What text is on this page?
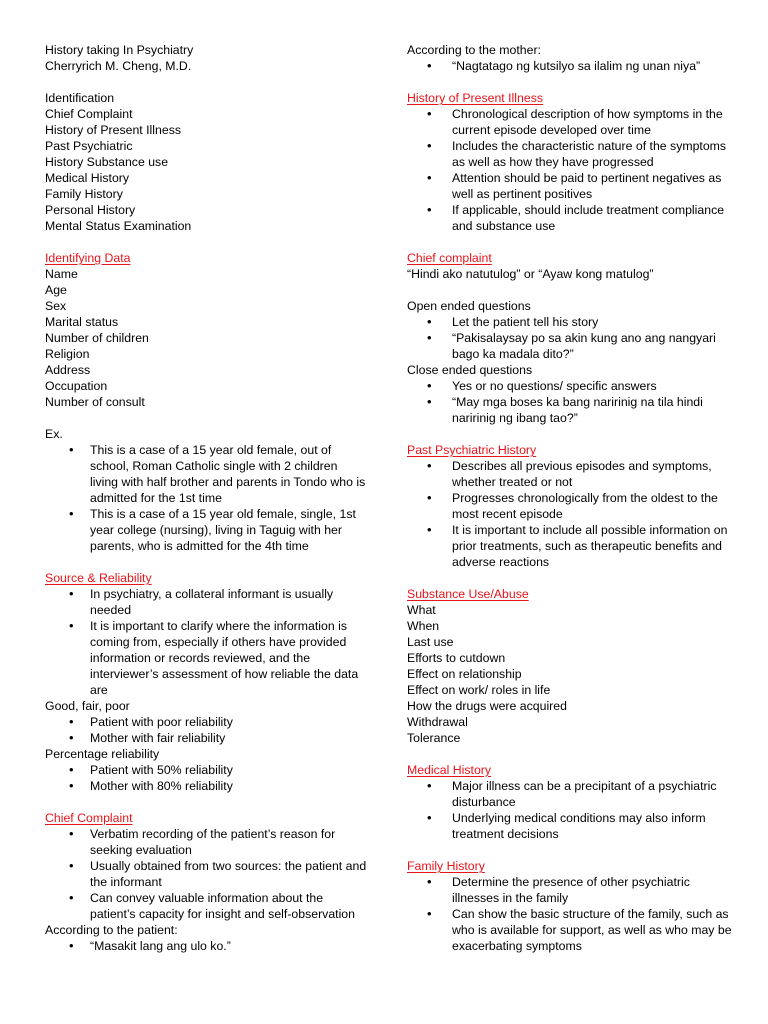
History taking In Psychiatry
Cherryrich M. Cheng, M.D.
Identification
Chief Complaint
History of Present Illness
Past Psychiatric
History Substance use
Medical History
Family History
Personal History
Mental Status Examination
Identifying Data
Name
Age
Sex
Marital status
Number of children
Religion
Address
Occupation
Number of consult
Ex.
• This is a case of a 15 year old female, out of school, Roman Catholic single with 2 children living with half brother and parents in Tondo who is admitted for the 1st time
• This is a case of a 15 year old female, single, 1st year college (nursing), living in Taguig with her parents, who is admitted for the 4th time
Source & Reliability
• In psychiatry, a collateral informant is usually needed
• It is important to clarify where the information is coming from, especially if others have provided information or records reviewed, and the interviewer’s assessment of how reliable the data are
Good, fair, poor
• Patient with poor reliability
• Mother with fair reliability
Percentage reliability
• Patient with 50% reliability
• Mother with 80% reliability
Chief Complaint
• Verbatim recording of the patient’s reason for seeking evaluation
• Usually obtained from two sources: the patient and the informant
• Can convey valuable information about the patient’s capacity for insight and self-observation
According to the patient:
• “Masakit lang ang ulo ko.”
According to the mother:
• “Nagtatago ng kutsilyo sa ilalim ng unan niya”
History of Present Illness
• Chronological description of how symptoms in the current episode developed over time
• Includes the characteristic nature of the symptoms as well as how they have progressed
• Attention should be paid to pertinent negatives as well as pertinent positives
• If applicable, should include treatment compliance and substance use
Chief complaint
“Hindi ako natutulog” or “Ayaw kong matulog”
Open ended questions
• Let the patient tell his story
• “Pakisalaysay po sa akin kung ano ang nangyari bago ka madala dito?”
Close ended questions
• Yes or no questions/ specific answers
• “May mga boses ka bang naririnig na tila hindi naririnig ng ibang tao?”
Past Psychiatric History
• Describes all previous episodes and symptoms, whether treated or not
• Progresses chronologically from the oldest to the most recent episode
• It is important to include all possible information on prior treatments, such as therapeutic benefits and adverse reactions
Substance Use/Abuse
What
When
Last use
Efforts to cutdown
Effect on relationship
Effect on work/ roles in life
How the drugs were acquired
Withdrawal
Tolerance
Medical History
• Major illness can be a precipitant of a psychiatric disturbance
• Underlying medical conditions may also inform treatment decisions
Family History
• Determine the presence of other psychiatric illnesses in the family
• Can show the basic structure of the family, such as who is available for support, as well as who may be exacerbating symptoms
